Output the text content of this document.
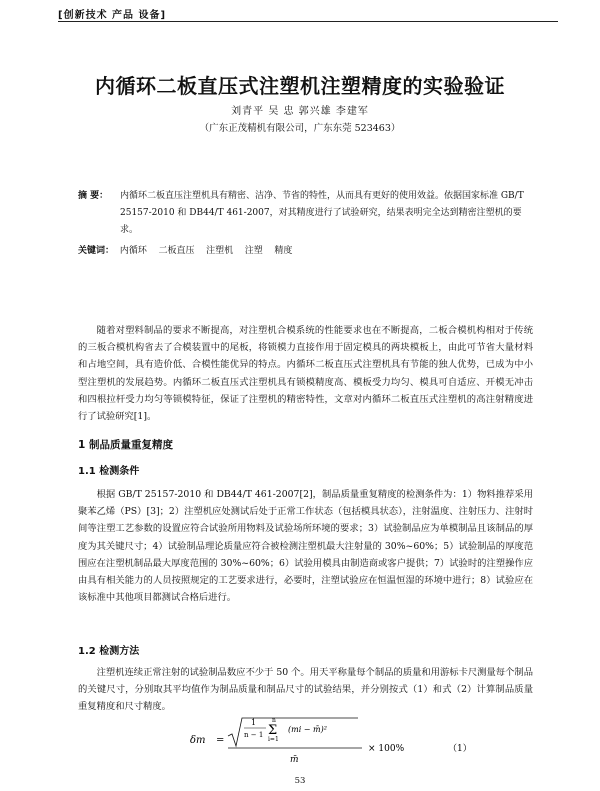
[创新技术 产品 设备]
内循环二板直压式注塑机注塑精度的实验验证
刘青平 吴 忠 郭兴雄 李建军
（广东正茂精机有限公司，广东东莞 523463）
摘 要： 内循环二板直压注塑机具有精密、洁净、节省的特性，从而具有更好的使用效益。依据国家标准 GB/T 25157-2010 和 DB44/T 461-2007，对其精度进行了试验研究，结果表明完全达到精密注塑机的要求。
关键词： 内循环 二板直压 注塑机 注塑 精度
随着对塑料制品的要求不断提高，对注塑机合模系统的性能要求也在不断提高，二板合模机构相对于传统的三板合模机构省去了合模装置中的尾板，将锁模力直接作用于固定模具的两块模板上，由此可节省大量材料和占地空间，具有造价低、合模性能优异的特点。内循环二板直压式注塑机具有节能的独人优势，已成为中小型注塑机的发展趋势。内循环二板直压式注塑机具有锁模精度高、模板受力均匀、模具可自适应、开模无冲击和四根拉杆受力均匀等锁模特征，保证了注塑机的精密特性，文章对内循环二板直压式注塑机的高注射精度进行了试验研究[1]。
1 制品质量重复精度
1.1 检测条件
根据 GB/T 25157-2010 和 DB44/T 461-2007[2]，制品质量重复精度的检测条件为：1）物料推荐采用聚苯乙烯（PS）[3]；2）注塑机应处测试后处于正常工作状态（包括模具状态），注射温度、注射压力、注射时间等注塑工艺参数的设置应符合试验所用物料及试验场所环境的要求；3）试验制品应为单模制品且该制品的厚度为其关键尺寸；4）试验制品理论质量应符合被检测注塑机最大注射量的 30%~60%；5）试验制品的厚度范围应在注塑机制品最大厚度范围的 30%~60%；6）试验用模具由制造商或客户提供；7）试验时的注塑操作应由具有相关能力的人员按照规定的工艺要求进行，必要时，注塑试验应在恒温恒湿的环境中进行；8）试验应在该标准中其他项目都测试合格后进行。
1.2 检测方法
注塑机连续正常注射的试验制品数应不少于 50 个。用天平称量每个制品的质量和用游标卡尺测量每个制品的关键尺寸，分别取其平均值作为制品质量和制品尺寸的试验结果，并分别按式（1）和式（2）计算制品质量重复精度和尺寸精度。
δm =
1
n − 1
n
Σ
i=1
(mi − m̄)²
m̄
× 100%	（1）
53
